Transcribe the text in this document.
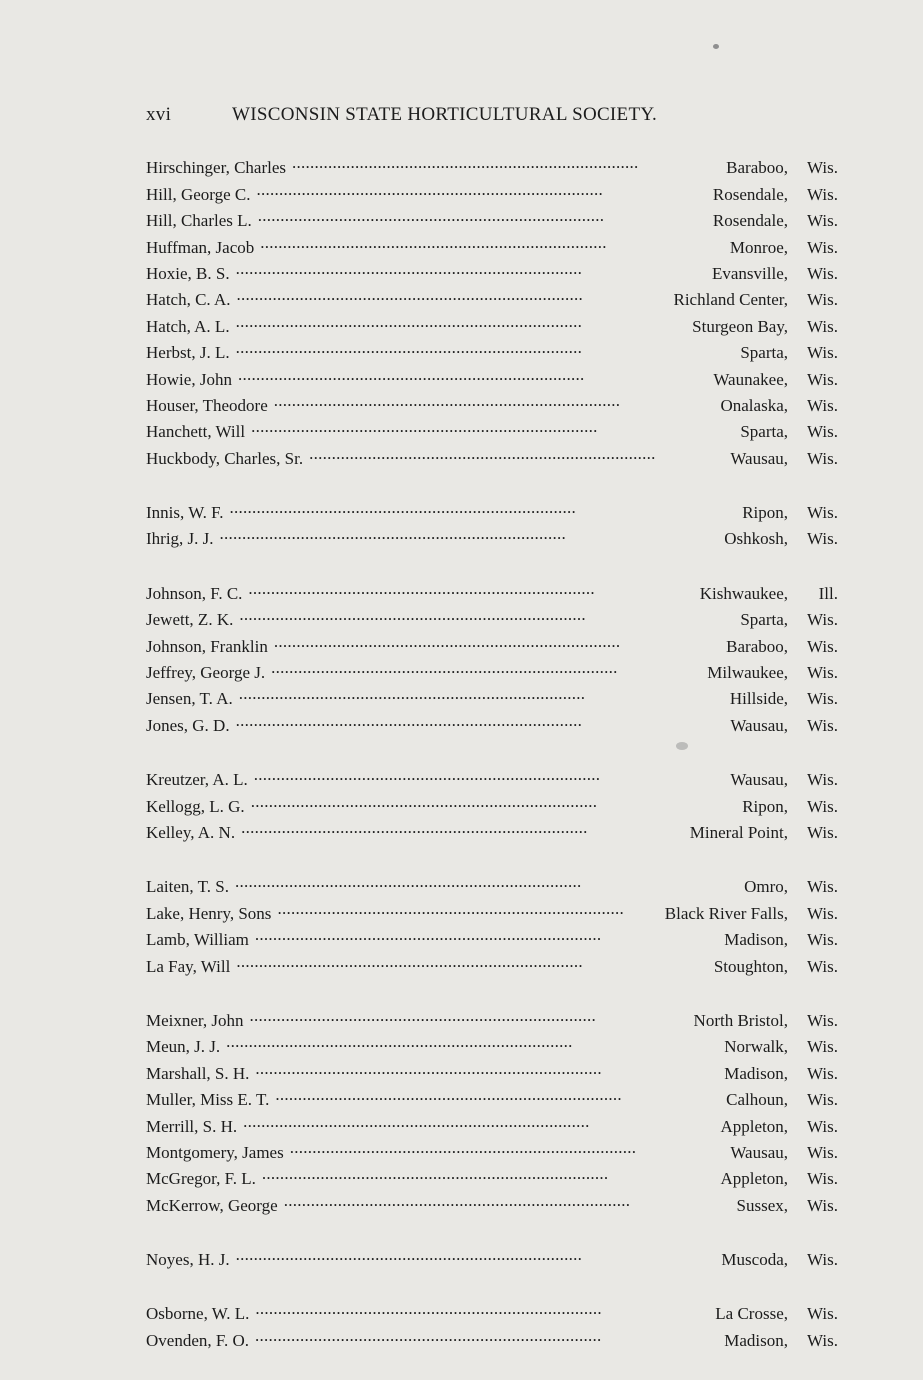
xvi	WISCONSIN STATE HORTICULTURAL SOCIETY.
Hirschinger, Charles . . .	Baraboo,	Wis.
Hill, George C. . . .	Rosendale,	Wis.
Hill, Charles L. . . .	Rosendale,	Wis.
Huffman, Jacob . . .	Monroe,	Wis.
Hoxie, B. S. . . .	Evansville,	Wis.
Hatch, C. A. . . .	Richland Center,	Wis.
Hatch, A. L. . . .	Sturgeon Bay,	Wis.
Herbst, J. L. . . .	Sparta,	Wis.
Howie, John . . .	Waunakee,	Wis.
Houser, Theodore . . .	Onalaska,	Wis.
Hanchett, Will . . .	Sparta,	Wis.
Huckbody, Charles, Sr. . . .	Wausau,	Wis.
Innis, W. F. . . .	Ripon,	Wis.
Ihrig, J. J. . . .	Oshkosh,	Wis.
Johnson, F. C. . . .	Kishwaukee,	Ill.
Jewett, Z. K. . . .	Sparta,	Wis.
Johnson, Franklin . . .	Baraboo,	Wis.
Jeffrey, George J. . . .	Milwaukee,	Wis.
Jensen, T. A. . . .	Hillside,	Wis.
Jones, G. D. . . .	Wausau,	Wis.
Kreutzer, A. L. . . .	Wausau,	Wis.
Kellogg, L. G. . . .	Ripon,	Wis.
Kelley, A. N. . . .	Mineral Point,	Wis.
Laiten, T. S. . . .	Omro,	Wis.
Lake, Henry, Sons . . .	Black River Falls,	Wis.
Lamb, William . . .	Madison,	Wis.
La Fay, Will . . .	Stoughton,	Wis.
Meixner, John . . .	North Bristol,	Wis.
Meun, J. J. . . .	Norwalk,	Wis.
Marshall, S. H. . . .	Madison,	Wis.
Muller, Miss E. T. . . .	Calhoun,	Wis.
Merrill, S. H. . . .	Appleton,	Wis.
Montgomery, James . . .	Wausau,	Wis.
McGregor, F. L. . . .	Appleton,	Wis.
McKerrow, George . . .	Sussex,	Wis.
Noyes, H. J. . . .	Muscoda,	Wis.
Osborne, W. L. . . .	La Crosse,	Wis.
Ovenden, F. O. . . .	Madison,	Wis.
